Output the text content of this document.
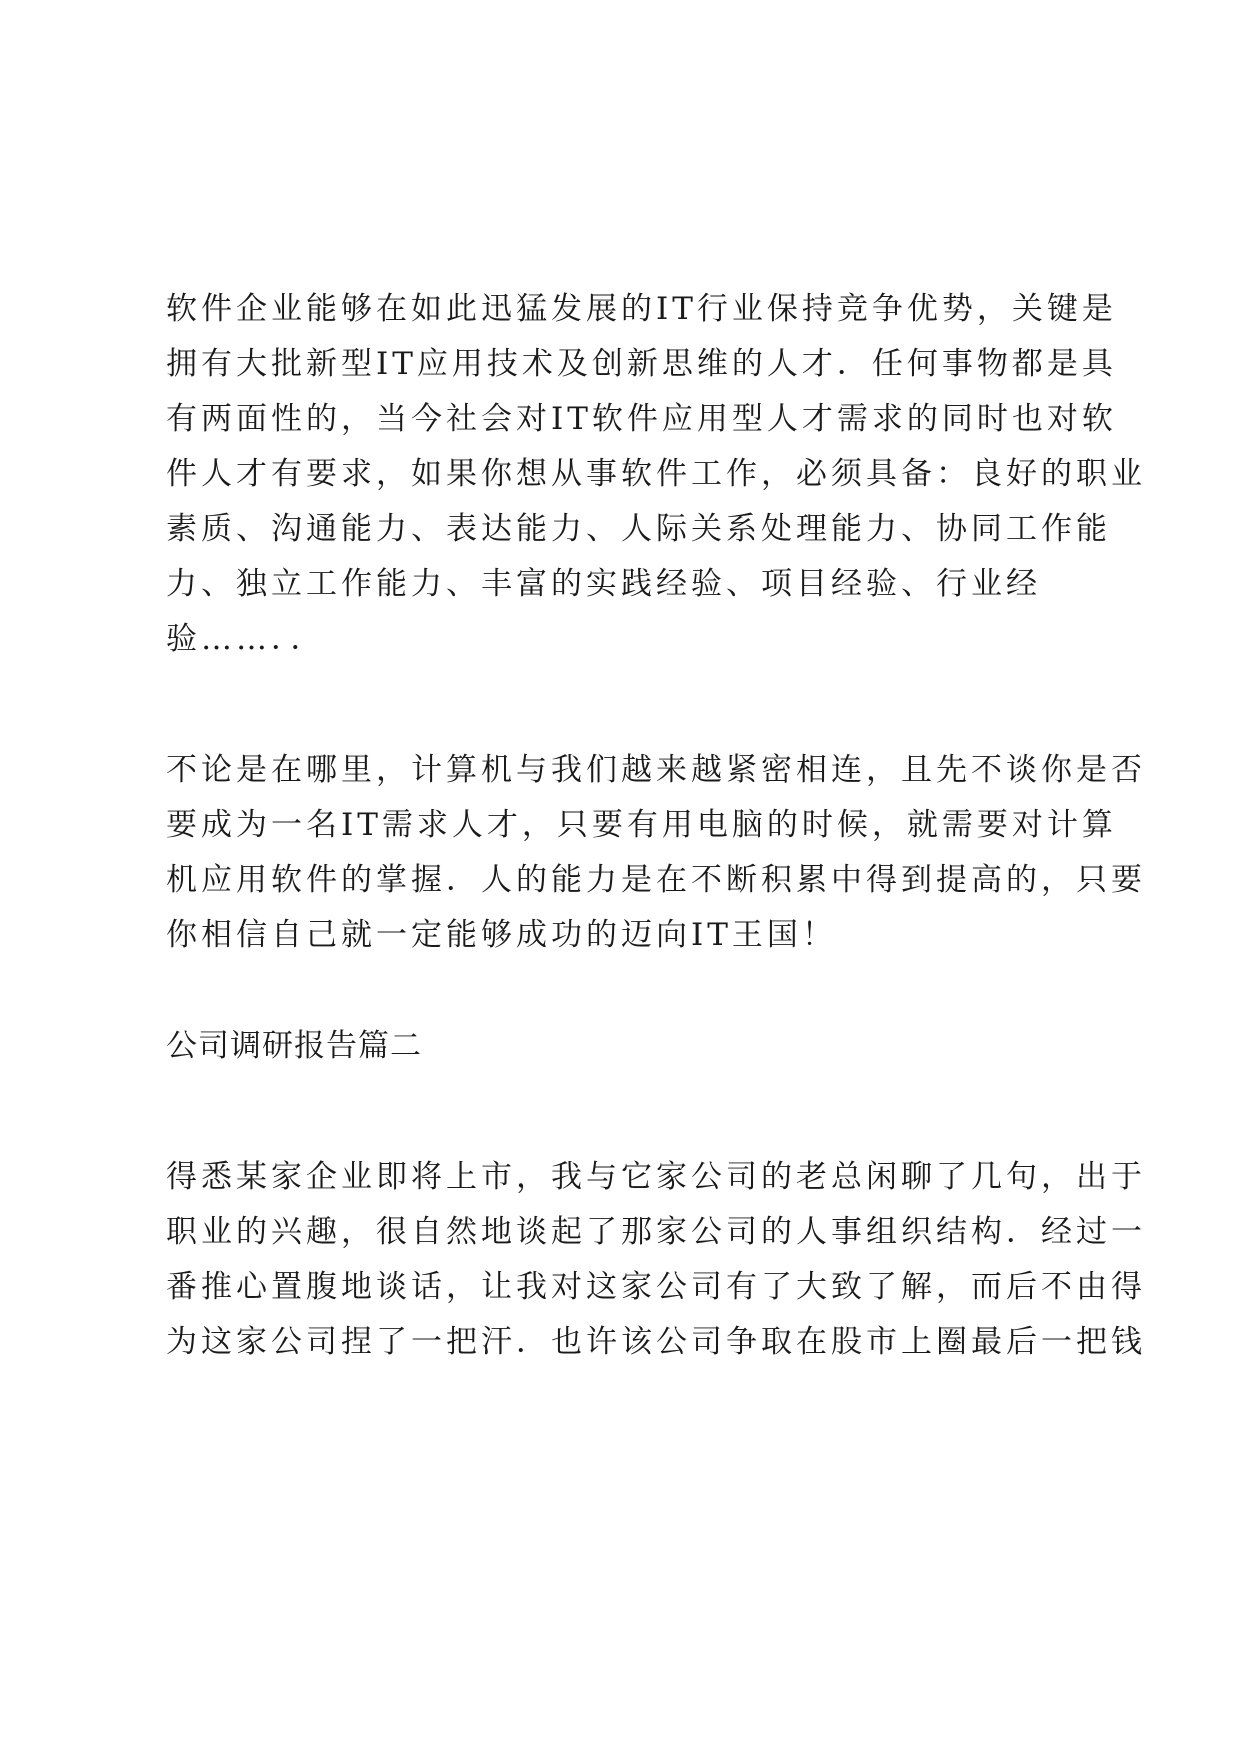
软件企业能够在如此迅猛发展的IT行业保持竞争优势，关键是
拥有大批新型IT应用技术及创新思维的人才．任何事物都是具
有两面性的，当今社会对IT软件应用型人才需求的同时也对软
件人才有要求，如果你想从事软件工作，必须具备：良好的职业
素质、沟通能力、表达能力、人际关系处理能力、协同工作能
力、独立工作能力、丰富的实践经验、项目经验、行业经
验……．．
不论是在哪里，计算机与我们越来越紧密相连，且先不谈你是否
要成为一名IT需求人才，只要有用电脑的时候，就需要对计算
机应用软件的掌握．人的能力是在不断积累中得到提高的，只要
你相信自己就一定能够成功的迈向IT王国！
公司调研报告篇二
得悉某家企业即将上市，我与它家公司的老总闲聊了几句，出于
职业的兴趣，很自然地谈起了那家公司的人事组织结构．经过一
番推心置腹地谈话，让我对这家公司有了大致了解，而后不由得
为这家公司捏了一把汗．也许该公司争取在股市上圈最后一把钱
